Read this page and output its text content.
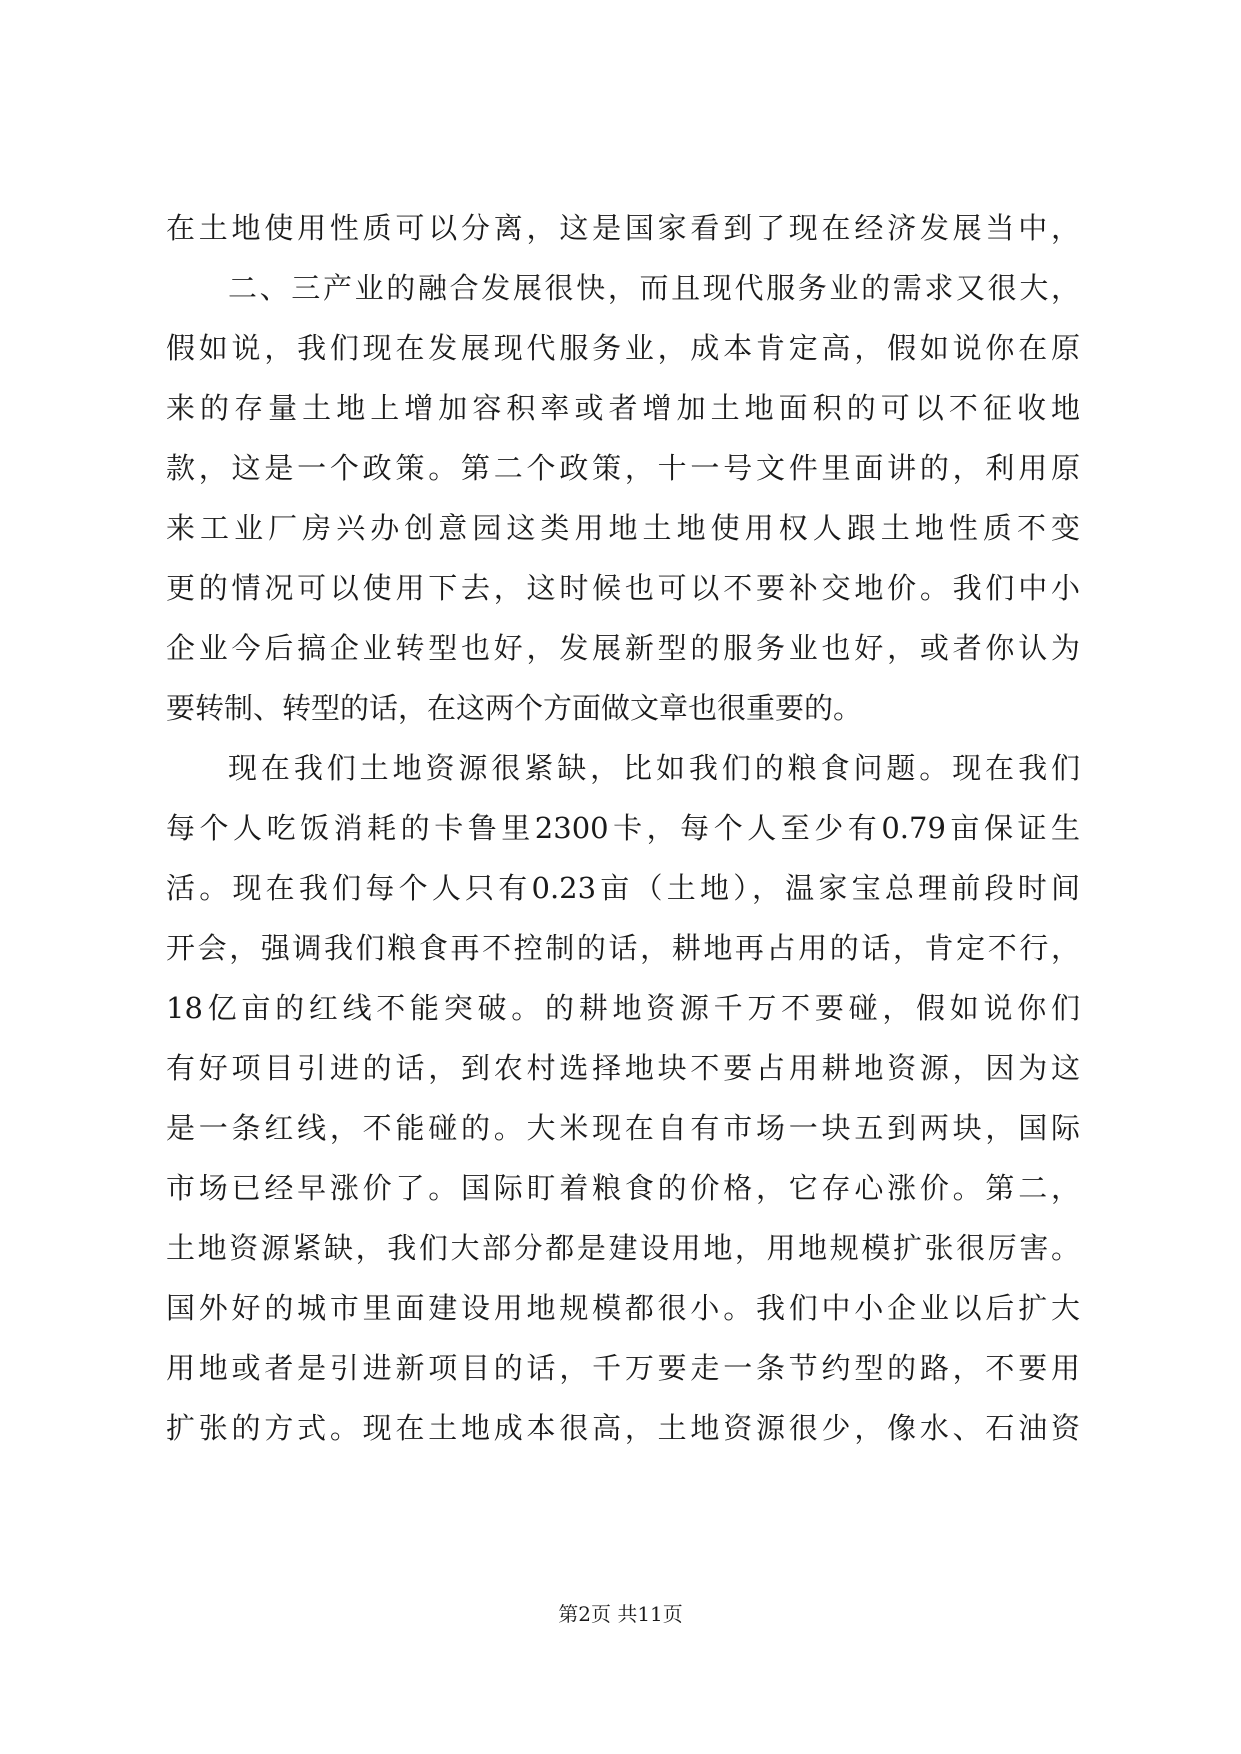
在土地使用性质可以分离，这是国家看到了现在经济发展当中，
二、三产业的融合发展很快，而且现代服务业的需求又很大，
假如说，我们现在发展现代服务业，成本肯定高，假如说你在原
来的存量土地上增加容积率或者增加土地面积的可以不征收地
款，这是一个政策。第二个政策，十一号文件里面讲的，利用原
来工业厂房兴办创意园这类用地土地使用权人跟土地性质不变
更的情况可以使用下去，这时候也可以不要补交地价。我们中小
企业今后搞企业转型也好，发展新型的服务业也好，或者你认为
要转制、转型的话，在这两个方面做文章也很重要的。
现在我们土地资源很紧缺，比如我们的粮食问题。现在我们
每个人吃饭消耗的卡鲁里2300卡，每个人至少有0.79亩保证生
活。现在我们每个人只有0.23亩（土地），温家宝总理前段时间
开会，强调我们粮食再不控制的话，耕地再占用的话，肯定不行，
18亿亩的红线不能突破。的耕地资源千万不要碰，假如说你们
有好项目引进的话，到农村选择地块不要占用耕地资源，因为这
是一条红线，不能碰的。大米现在自有市场一块五到两块，国际
市场已经早涨价了。国际盯着粮食的价格，它存心涨价。第二，
土地资源紧缺，我们大部分都是建设用地，用地规模扩张很厉害。
国外好的城市里面建设用地规模都很小。我们中小企业以后扩大
用地或者是引进新项目的话，千万要走一条节约型的路，不要用
扩张的方式。现在土地成本很高，土地资源很少，像水、石油资
第2页 共11页
